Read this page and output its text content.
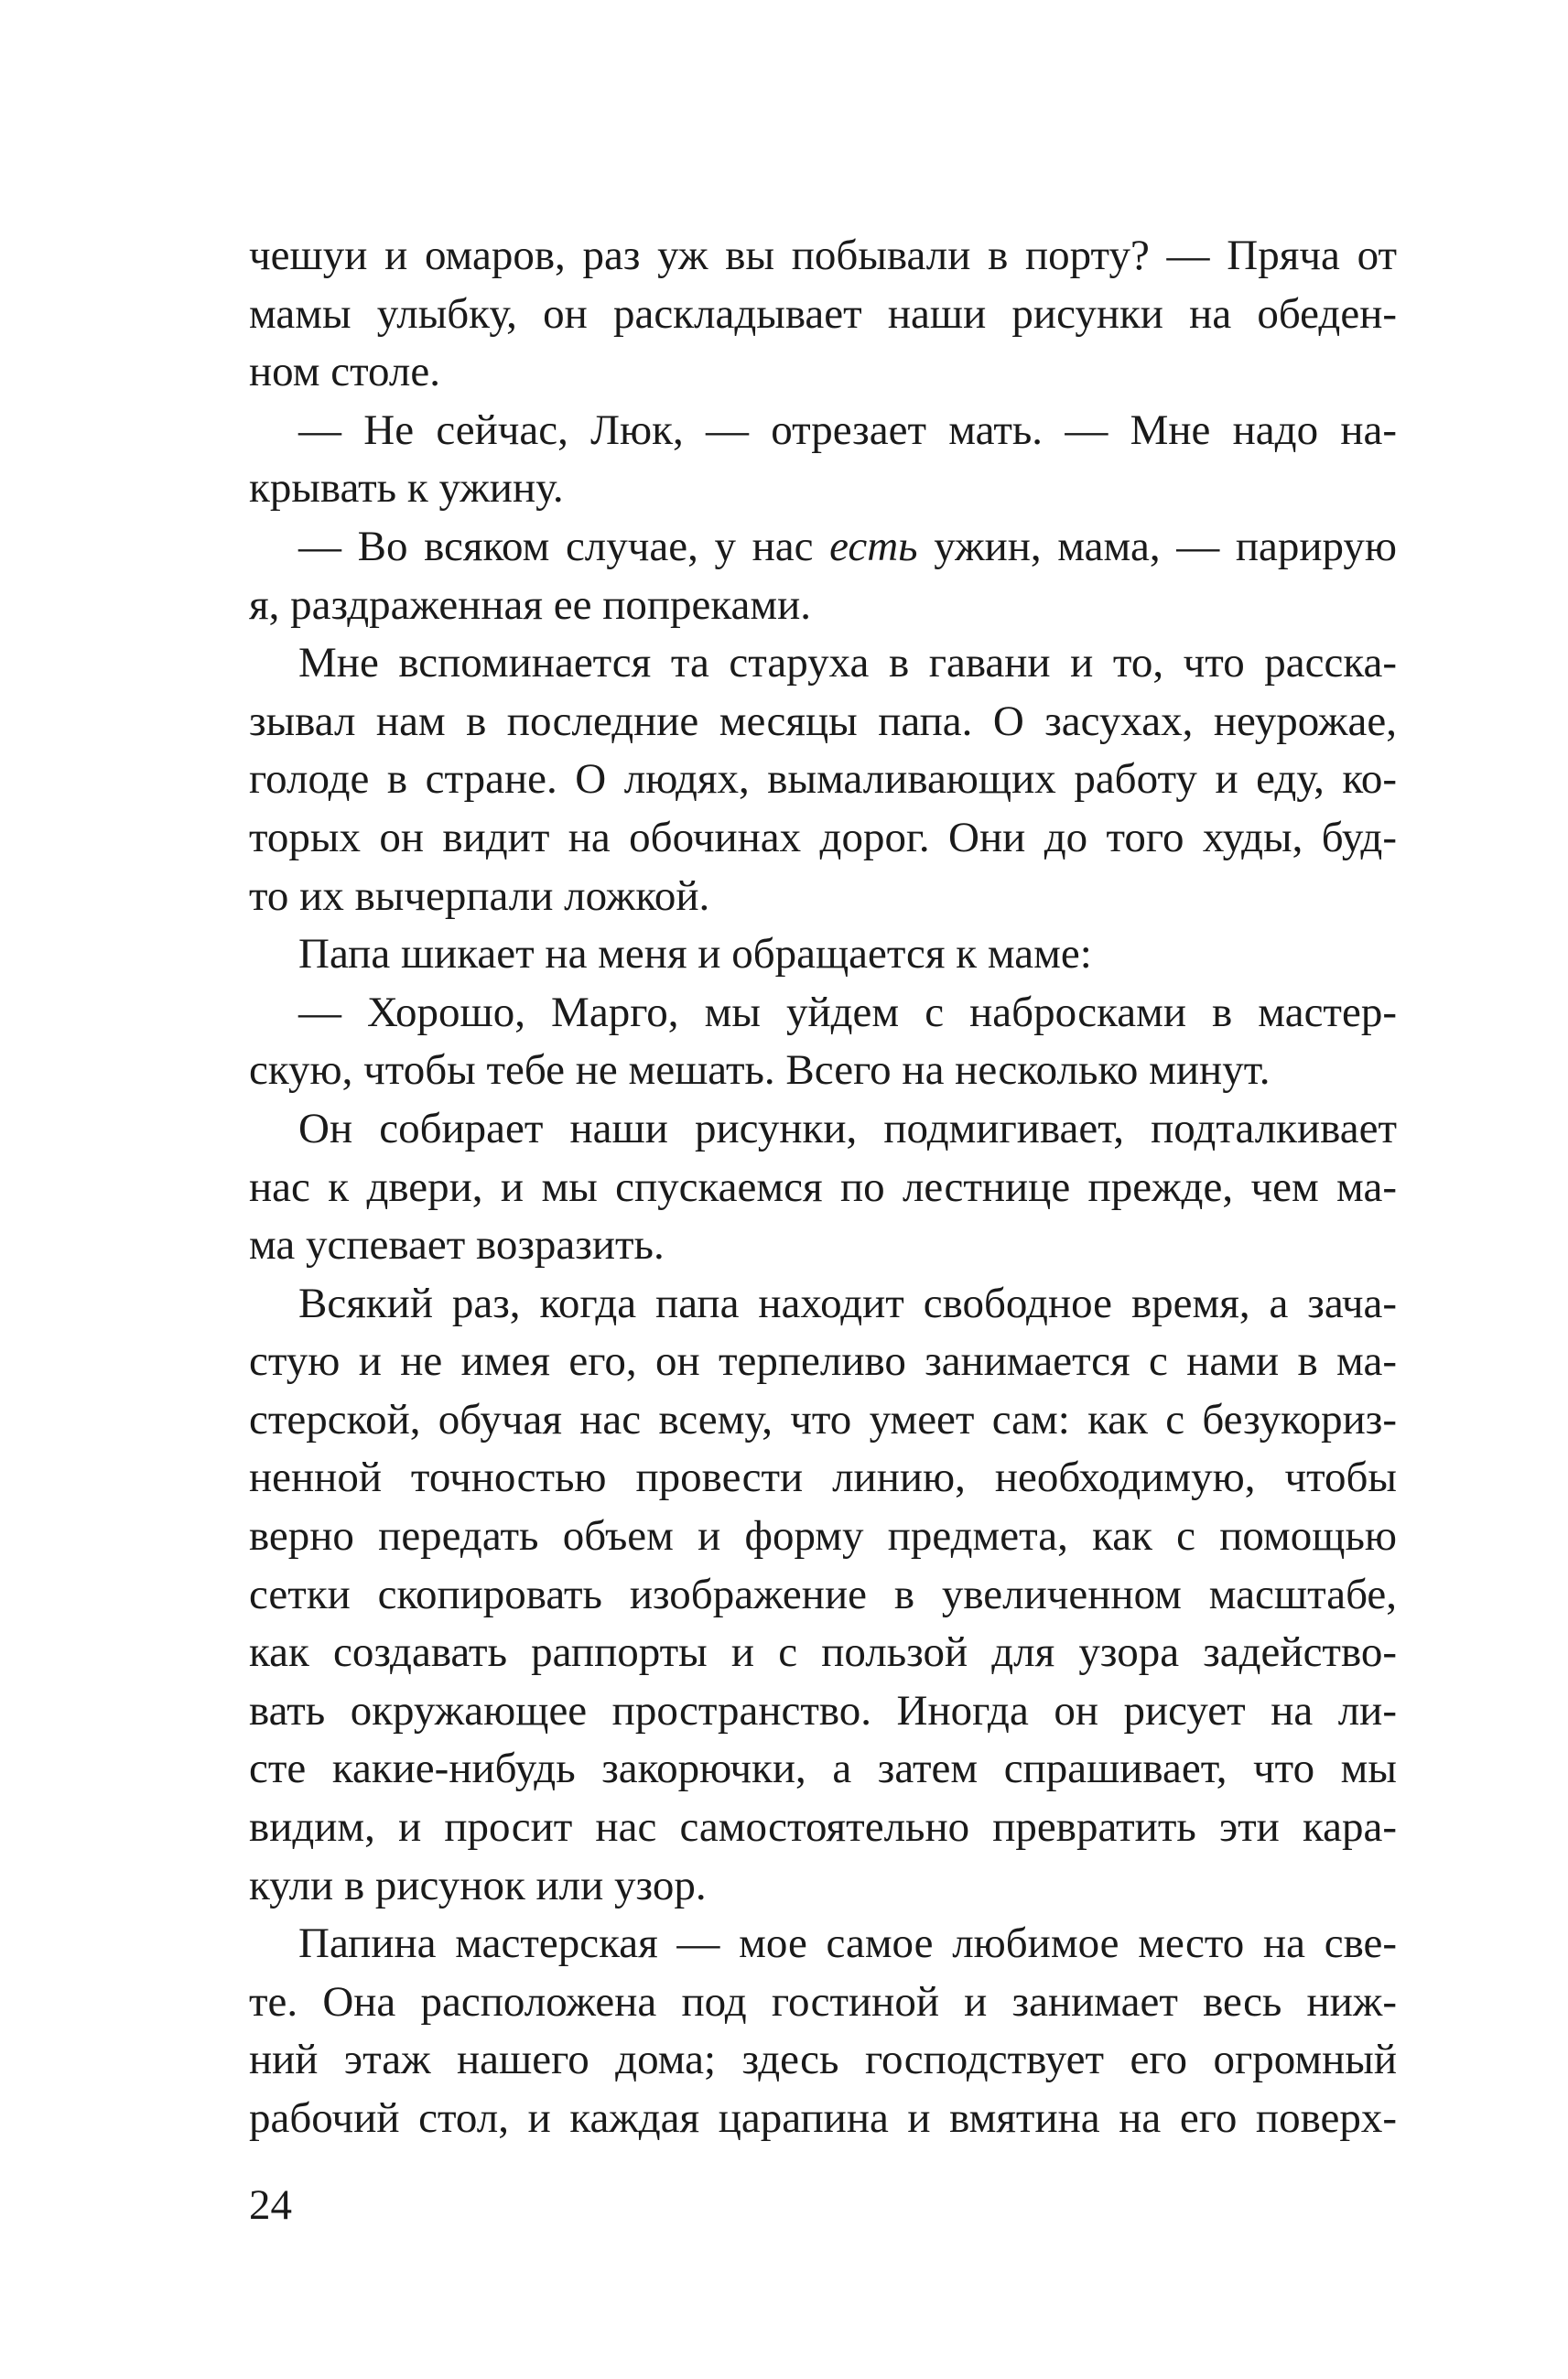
чешуи и омаров, раз уж вы побывали в порту? — Пряча от
мамы улыбку, он раскладывает наши рисунки на обеден-
ном столе.
— Не сейчас, Люк, — отрезает мать. — Мне надо на-
крывать к ужину.
— Во всяком случае, у нас есть ужин, мама, — парирую
я, раздраженная ее попреками.
Мне вспоминается та старуха в гавани и то, что расска-
зывал нам в последние месяцы папа. О засухах, неурожае,
голоде в стране. О людях, вымаливающих работу и еду, ко-
торых он видит на обочинах дорог. Они до того худы, буд-
то их вычерпали ложкой.
Папа шикает на меня и обращается к маме:
— Хорошо, Марго, мы уйдем с набросками в мастер-
скую, чтобы тебе не мешать. Всего на несколько минут.
Он собирает наши рисунки, подмигивает, подталкивает
нас к двери, и мы спускаемся по лестнице прежде, чем ма-
ма успевает возразить.
Всякий раз, когда папа находит свободное время, а зача-
стую и не имея его, он терпеливо занимается с нами в ма-
стерской, обучая нас всему, что умеет сам: как с безукориз-
ненной точностью провести линию, необходимую, чтобы
верно передать объем и форму предмета, как с помощью
сетки скопировать изображение в увеличенном масштабе,
как создавать раппорты и с пользой для узора задейство-
вать окружающее пространство. Иногда он рисует на ли-
сте какие-нибудь закорючки, а затем спрашивает, что мы
видим, и просит нас самостоятельно превратить эти кара-
кули в рисунок или узор.
Папина мастерская — мое самое любимое место на све-
те. Она расположена под гостиной и занимает весь ниж-
ний этаж нашего дома; здесь господствует его огромный
рабочий стол, и каждая царапина и вмятина на его поверх-
24
